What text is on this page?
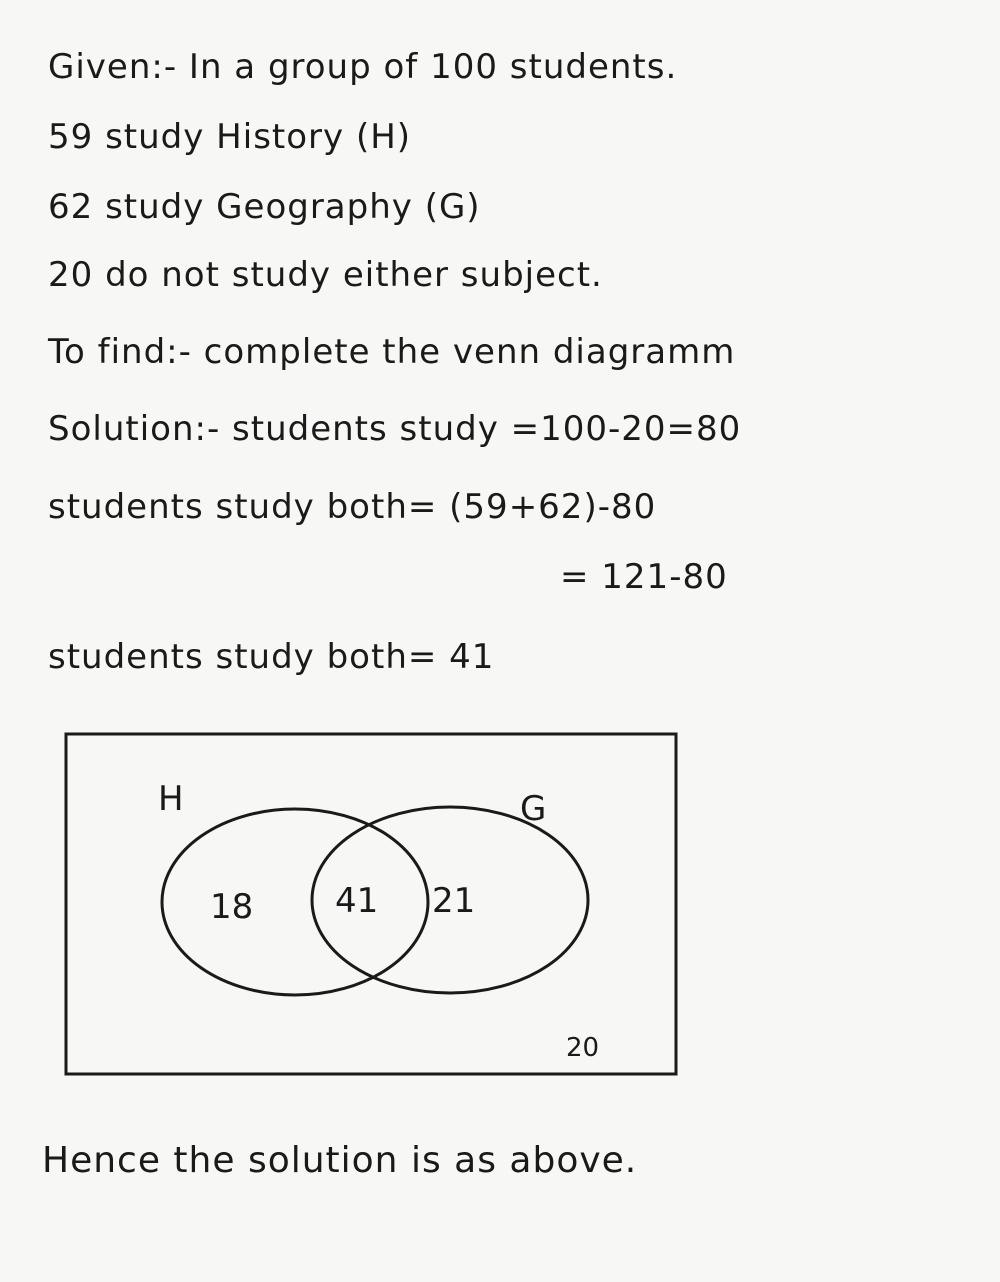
Given:- In a group of 100 students.
59 study History (H)
62 study Geography (G)
20 do not study either subject.
To find:- complete the venn diagramm
Solution:- students study =100-20=80
students study both= (59+62)-80
= 121-80
students study both= 41
H	G
18 41 21
20
Hence the solution is as above.
